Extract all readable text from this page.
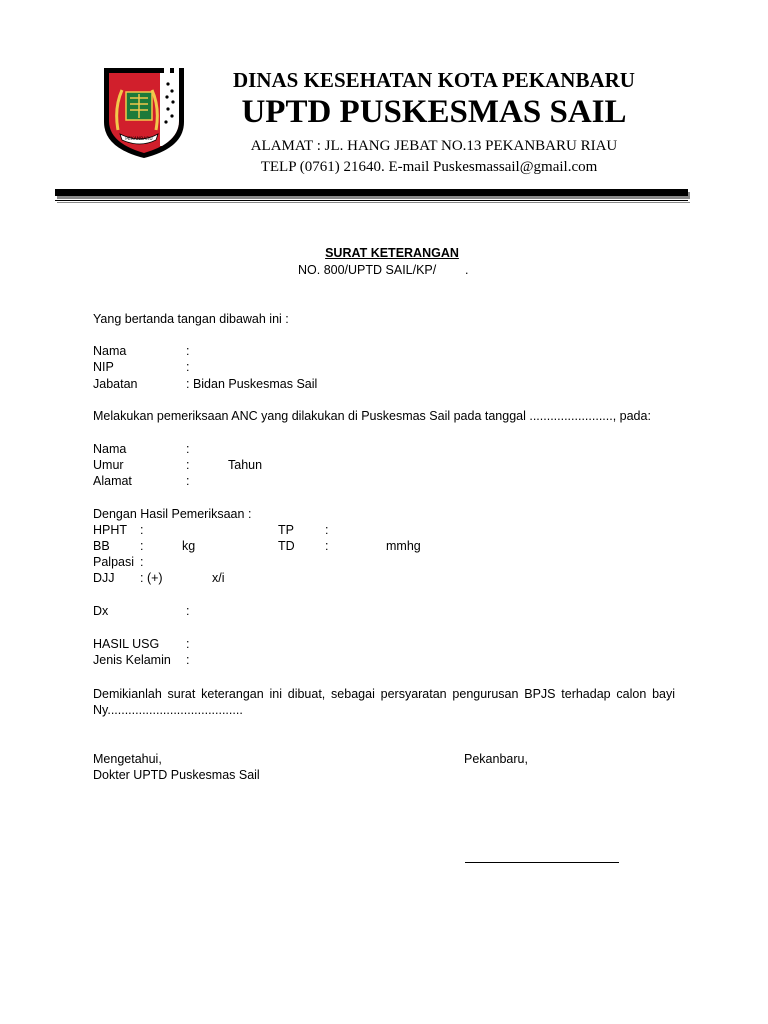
PEKANBARU
DINAS KESEHATAN KOTA PEKANBARU
UPTD PUSKESMAS SAIL
ALAMAT : JL. HANG JEBAT NO.13 PEKANBARU RIAU
TELP (0761) 21640. E-mail Puskesmassail@gmail.com
SURAT KETERANGAN
NO. 800/UPTD SAIL/KP/ .
Yang bertanda tangan dibawah ini :
Nama	:
NIP	:
Jabatan	: Bidan Puskesmas Sail
Melakukan pemeriksaan ANC yang dilakukan di Puskesmas Sail pada tanggal ........................, pada:
Nama	:
Umur	:	Tahun
Alamat	:
Dengan Hasil Pemeriksaan :
HPHT :	TP :
BB :	kg	TD :	mmhg
Palpasi :
DJJ : (+)	x/i
Dx	:
HASIL USG :
Jenis Kelamin :
Demikianlah surat keterangan ini dibuat, sebagai persyaratan pengurusan BPJS terhadap calon bayi
Ny.......................................
Mengetahui,
Dokter UPTD Puskesmas Sail
Pekanbaru,
